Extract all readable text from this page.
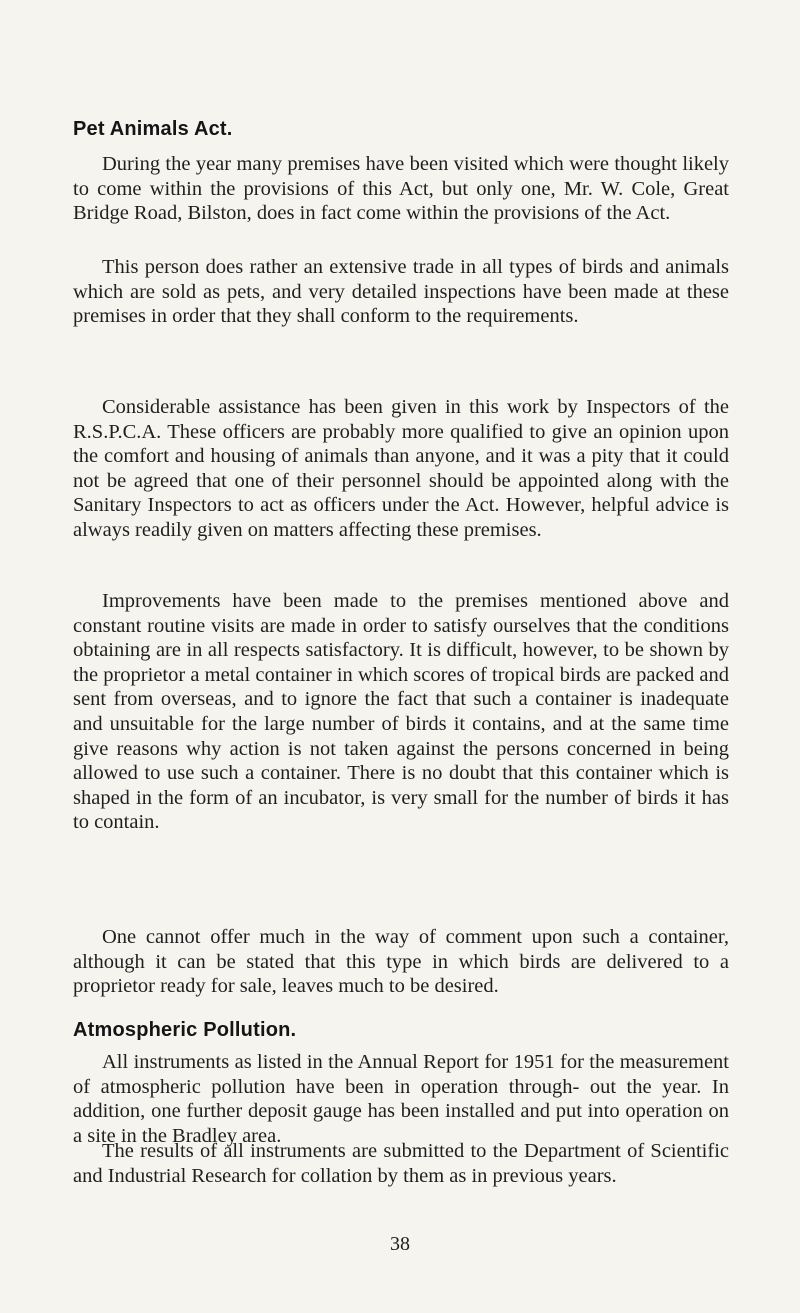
Pet Animals Act.

During the year many premises have been visited which were thought likely to come within the provisions of this Act, but only one, Mr. W. Cole, Great Bridge Road, Bilston, does in fact come within the provisions of the Act.

This person does rather an extensive trade in all types of birds and animals which are sold as pets, and very detailed inspections have been made at these premises in order that they shall conform to the requirements.

Considerable assistance has been given in this work by Inspectors of the R.S.P.C.A. These officers are probably more qualified to give an opinion upon the comfort and housing of animals than anyone, and it was a pity that it could not be agreed that one of their personnel should be appointed along with the Sanitary Inspectors to act as officers under the Act. However, helpful advice is always readily given on matters affecting these premises.

Improvements have been made to the premises mentioned above and constant routine visits are made in order to satisfy ourselves that the conditions obtaining are in all respects satisfactory. It is difficult, however, to be shown by the proprietor a metal container in which scores of tropical birds are packed and sent from overseas, and to ignore the fact that such a container is inadequate and unsuitable for the large number of birds it contains, and at the same time give reasons why action is not taken against the persons concerned in being allowed to use such a container. There is no doubt that this container which is shaped in the form of an incubator, is very small for the number of birds it has to contain.

One cannot offer much in the way of comment upon such a container, although it can be stated that this type in which birds are delivered to a proprietor ready for sale, leaves much to be desired.

Atmospheric Pollution.

All instruments as listed in the Annual Report for 1951 for the measurement of atmospheric pollution have been in operation through- out the year. In addition, one further deposit gauge has been installed and put into operation on a site in the Bradley area.

The results of all instruments are submitted to the Department of Scientific and Industrial Research for collation by them as in previous years.

38
